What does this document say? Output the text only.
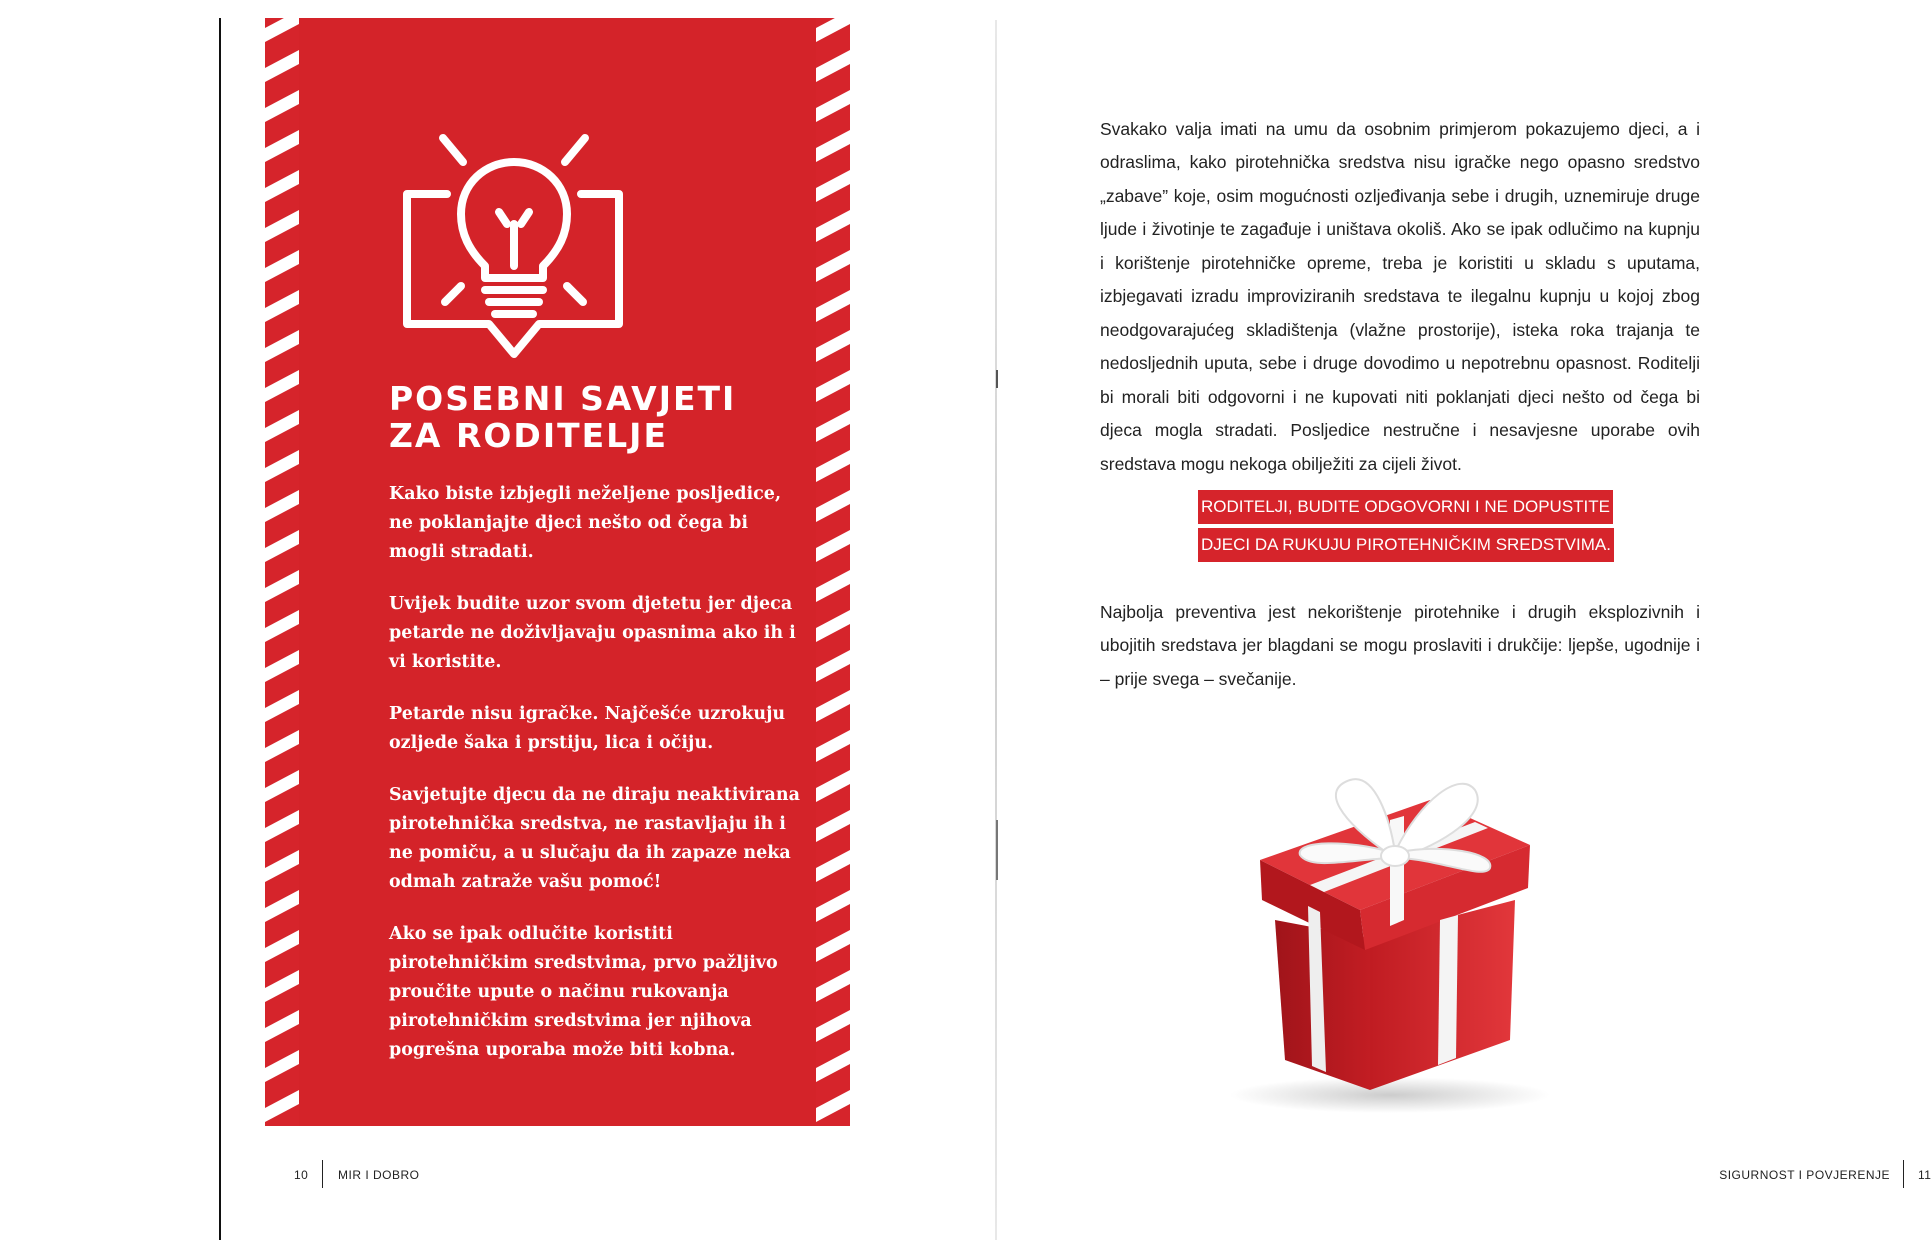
POSEBNI SAVJETI
ZA RODITELJE

Kako biste izbjegli neželjene posljedice, ne poklanjajte djeci nešto od čega bi mogli stradati.

Uvijek budite uzor svom djetetu jer djeca petarde ne doživljavaju opasnima ako ih i vi koristite.

Petarde nisu igračke. Najčešće uzrokuju ozljede šaka i prstiju, lica i očiju.

Savjetujte djecu da ne diraju neaktivirana pirotehnička sredstva, ne rastavljaju ih i ne pomiču, a u slučaju da ih zapaze neka odmah zatraže vašu pomoć!

Ako se ipak odlučite koristiti pirotehničkim sredstvima, prvo pažljivo proučite upute o načinu rukovanja pirotehničkim sredstvima jer njihova pogrešna uporaba može biti kobna.

10 MIR I DOBRO

Svakako valja imati na umu da osobnim primjerom pokazujemo djeci, a i odraslima, kako pirotehnička sredstva nisu igračke nego opasno sredstvo „zabave” koje, osim mogućnosti ozljeđivanja sebe i drugih, uznemiruje druge ljude i životinje te zagađuje i uništava okoliš. Ako se ipak odlučimo na kupnju i korištenje pirotehničke opreme, treba je koristiti u skladu s uputama, izbjegavati izradu improviziranih sredstava te ilegalnu kupnju u kojoj zbog neodgovarajućeg skladištenja (vlažne prostorije), isteka roka trajanja te nedosljednih uputa, sebe i druge dovodimo u nepotrebnu opasnost. Roditelji bi morali biti odgovorni i ne kupovati niti poklanjati djeci nešto od čega bi djeca mogla stradati. Posljedice nestručne i nesavjesne uporabe ovih sredstava mogu nekoga obilježiti za cijeli život.

RODITELJI, BUDITE ODGOVORNI I NE DOPUSTITE
DJECI DA RUKUJU PIROTEHNIČKIM SREDSTVIMA.

Najbolja preventiva jest nekorištenje pirotehnike i drugih eksplozivnih i ubojitih sredstava jer blagdani se mogu proslaviti i drukčije: ljepše, ugodnije i – prije svega – svečanije.

SIGURNOST I POVJERENJE 11
